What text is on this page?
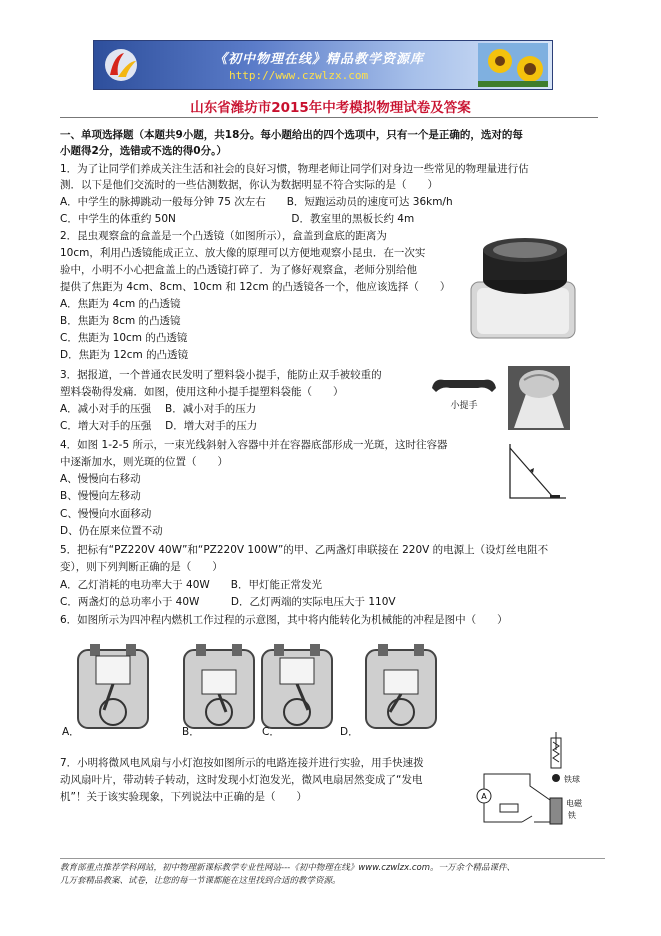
《初中物理在线》精品教学资源库
http://www.czwlzx.com
山东省潍坊市2015年中考模拟物理试卷及答案
一、单项选择题（本题共9小题，共18分。每小题给出的四个选项中，只有一个是正确的，选对的每
小题得2分，选错或不选的得0分。）
1．为了让同学们养成关注生活和社会的良好习惯，物理老师让同学们对身边一些常见的物理量进行估
测．以下是他们交流时的一些估测数据，你认为数据明显不符合实际的是（　　）
A．中学生的脉搏跳动一般每分钟 75 次左右　　B．短跑运动员的速度可达 36km/h
C．中学生的体重约 50N　　　　　　　　　　　D．教室里的黑板长约 4m
2．昆虫观察盒的盒盖是一个凸透镜（如图所示），盒盖到盒底的距离为
10cm，利用凸透镜能成正立、放大像的原理可以方便地观察小昆虫．在一次实
验中，小明不小心把盒盖上的凸透镜打碎了．为了修好观察盒，老师分别给他
提供了焦距为 4cm、8cm、10cm 和 12cm 的凸透镜各一个，他应该选择（　　）
A．焦距为 4cm 的凸透镜
B．焦距为 8cm 的凸透镜
C．焦距为 10cm 的凸透镜
D．焦距为 12cm 的凸透镜
3．据报道，一个普通农民发明了塑料袋小提手，能防止双手被较重的
塑料袋勒得发痛．如图，使用这种小提手提塑料袋能（　　）
A．减小对手的压强　 B．减小对手的压力
C．增大对手的压强　 D．增大对手的压力
小提手
4．如图 1-2-5 所示，一束光线斜射入容器中并在容器底部形成一光斑，这时往容器
中逐渐加水，则光斑的位置（　　）
A、慢慢向右移动
B、慢慢向左移动
C、慢慢向水面移动
D、仍在原来位置不动
5．把标有“PZ220V 40W”和“PZ220V 100W”的甲、乙两盏灯串联接在 220V 的电源上（设灯丝电阻不
变），则下列判断正确的是（　　）
A．乙灯消耗的电功率大于 40W　　B．甲灯能正常发光
C．两盏灯的总功率小于 40W　　　D．乙灯两端的实际电压大于 110V
6．如图所示为四冲程内燃机工作过程的示意图，其中将内能转化为机械能的冲程是图中（　　）
A．	B．	C．	D．
7．小明将微风电风扇与小灯泡按如图所示的电路连接并进行实验，用手快速拨
动风扇叶片，带动转子转动，这时发现小灯泡发光，微风电扇居然变成了“发电
机”！关于该实验现象，下列说法中正确的是（　　）
铁球
电磁
铁
A
教育部重点推荐学科网站，初中物理新课标教学专业性网站---《初中物理在线》www.czwlzx.com。一万余个精品课件、
几万套精品教案、试卷，让您的每一节课都能在这里找到合适的教学资源。
